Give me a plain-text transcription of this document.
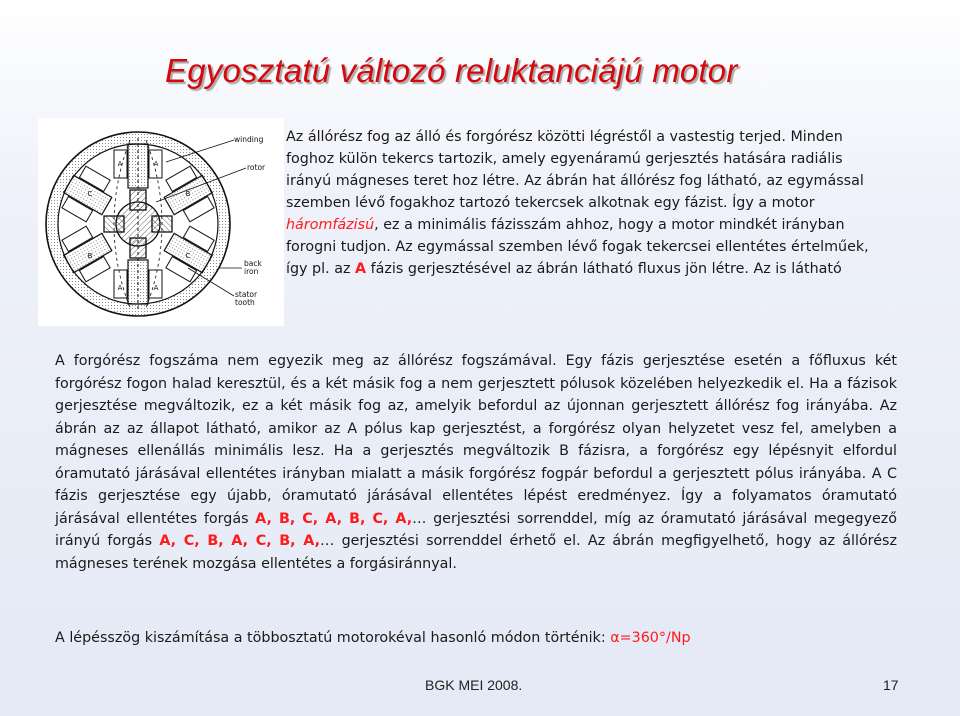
Egyosztatú változó reluktanciájú motor
A	A
B
C
A	A
C
B
winding
rotor
back
iron
stator
tooth

Az állórész fog az álló és forgórész közötti légréstől a vastestig terjed. Minden foghoz külön tekercs tartozik, amely egyenáramú gerjesztés hatására radiális irányú mágneses teret hoz létre. Az ábrán hat állórész fog látható, az egymással szemben lévő fogakhoz tartozó tekercsek alkotnak egy fázist. Így a motor háromfázisú, ez a minimális fázisszám ahhoz, hogy a motor mindkét irányban forogni tudjon. Az egymással szemben lévő fogak tekercsei ellentétes értelműek, így pl. az A fázis gerjesztésével az ábrán látható fluxus jön létre. Az is látható

A forgórész fogszáma nem egyezik meg az állórész fogszámával. Egy fázis gerjesztése esetén a főfluxus két forgórész fogon halad keresztül, és a két másik fog a nem gerjesztett pólusok közelében helyezkedik el. Ha a fázisok gerjesztése megváltozik, ez a két másik fog az, amelyik befordul az újonnan gerjesztett állórész fog irányába. Az ábrán az az állapot látható, amikor az A pólus kap gerjesztést, a forgórész olyan helyzetet vesz fel, amelyben a mágneses ellenállás minimális lesz. Ha a gerjesztés megváltozik B fázisra, a forgórész egy lépésnyit elfordul óramutató járásával ellentétes irányban mialatt a másik forgórész fogpár befordul a gerjesztett pólus irányába. A C fázis gerjesztése egy újabb, óramutató járásával ellentétes lépést eredményez. Így a folyamatos óramutató járásával ellentétes forgás A, B, C, A, B, C, A,… gerjesztési sorrenddel, míg az óramutató járásával megegyező irányú forgás A, C, B, A, C, B, A,… gerjesztési sorrenddel érhető el. Az ábrán megfigyelhető, hogy az állórész mágneses terének mozgása ellentétes a forgásiránnyal.

A lépésszög kiszámítása a többosztatú motorokéval hasonló módon történik: α=360°/Np
BGK MEI 2008.	17
